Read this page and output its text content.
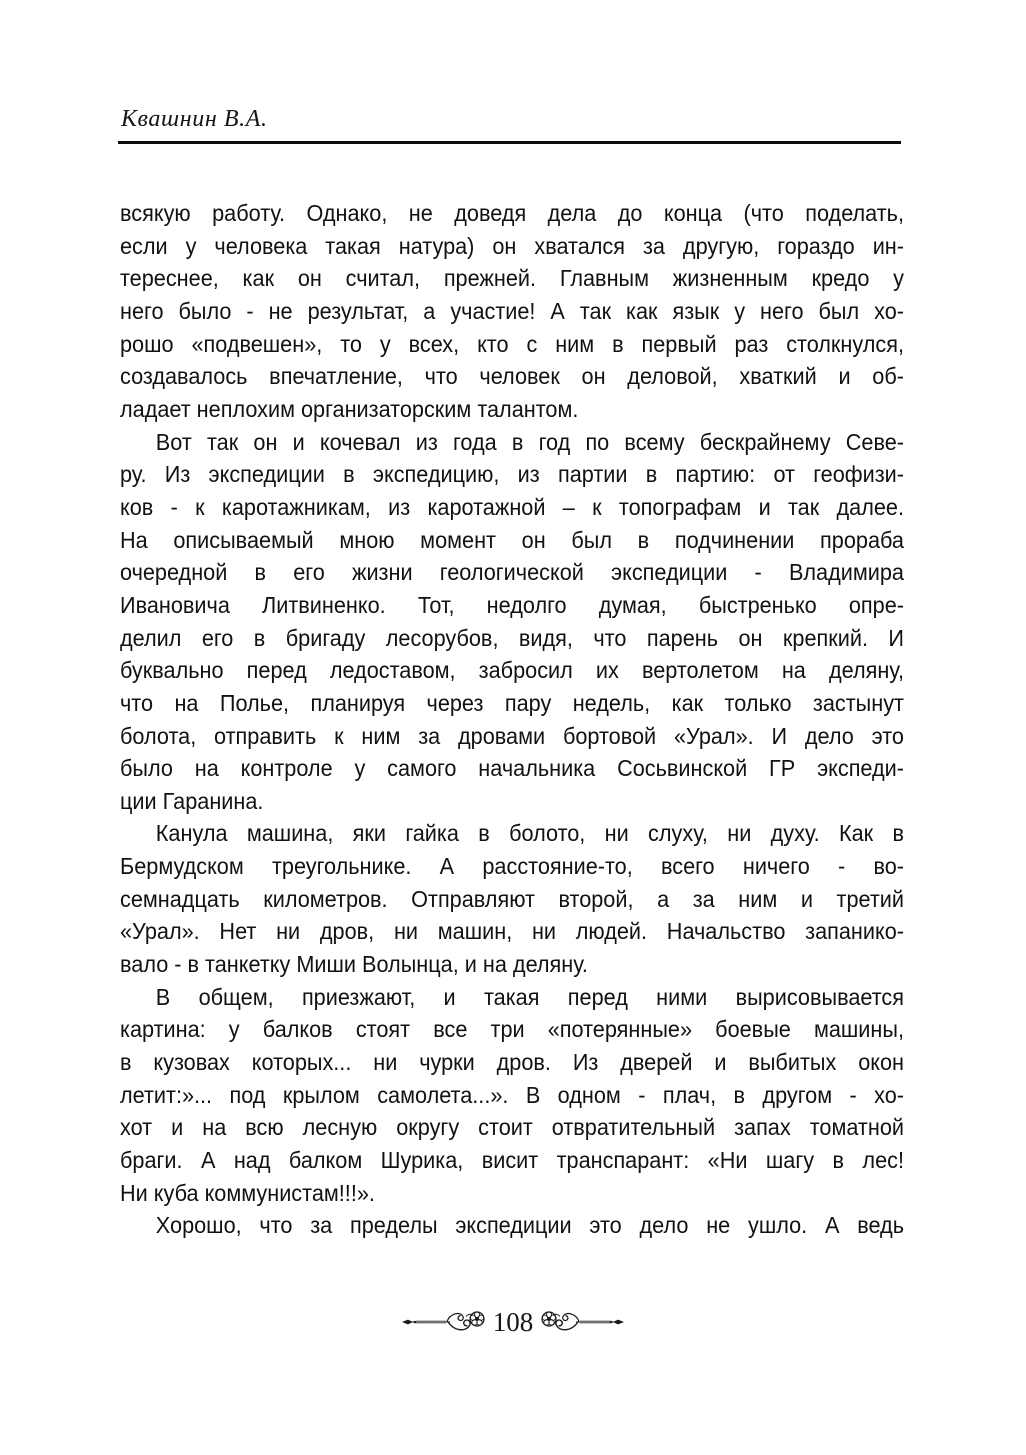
Квашнин В.А.
всякую работу. Однако, не доведя дела до конца (что поделать,
если у человека такая натура) он хватался за другую, гораздо ин-
тереснее, как он считал, прежней. Главным жизненным кредо у
него было - не результат, а участие! А так как язык у него был хо-
рошо «подвешен», то у всех, кто с ним в первый раз столкнулся,
создавалось впечатление, что человек он деловой, хваткий и об-
ладает неплохим организаторским талантом.
Вот так он и кочевал из года в год по всему бескрайнему Севе-
ру. Из экспедиции в экспедицию, из партии в партию: от геофизи-
ков - к каротажникам, из каротажной – к топографам и так далее.
На описываемый мною момент он был в подчинении прораба
очередной в его жизни геологической экспедиции - Владимира
Ивановича Литвиненко. Тот, недолго думая, быстренько опре-
делил его в бригаду лесорубов, видя, что парень он крепкий. И
буквально перед ледоставом, забросил их вертолетом на деляну,
что на Полье, планируя через пару недель, как только застынут
болота, отправить к ним за дровами бортовой «Урал». И дело это
было на контроле у самого начальника Сосьвинской ГР экспеди-
ции Гаранина.
Канула машина, яки гайка в болото, ни слуху, ни духу. Как в
Бермудском треугольнике. А расстояние-то, всего ничего - во-
семнадцать километров. Отправляют второй, а за ним и третий
«Урал». Нет ни дров, ни машин, ни людей. Начальство запанико-
вало - в танкетку Миши Волынца, и на деляну.
В общем, приезжают, и такая перед ними вырисовывается
картина: у балков стоят все три «потерянные» боевые машины,
в кузовах которых... ни чурки дров. Из дверей и выбитых окон
летит:»... под крылом самолета...». В одном - плач, в другом - хо-
хот и на всю лесную округу стоит отвратительный запах томатной
браги. А над балком Шурика, висит транспарант: «Ни шагу в лес!
Ни куба коммунистам!!!».
Хорошо, что за пределы экспедиции это дело не ушло. А ведь
108
